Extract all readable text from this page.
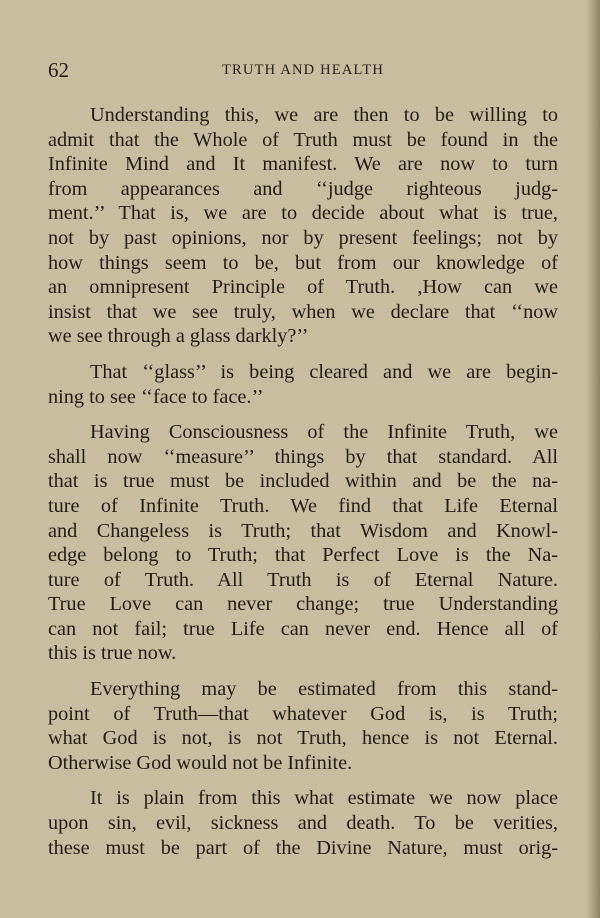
62	TRUTH AND HEALTH
Understanding this, we are then to be willing to
admit that the Whole of Truth must be found in the
Infinite Mind and It manifest. We are now to turn
from appearances and ‘‘judge righteous judg-
ment.’’ That is, we are to decide about what is true,
not by past opinions, nor by present feelings; not by
how things seem to be, but from our knowledge of
an omnipresent Principle of Truth. ,How can we
insist that we see truly, when we declare that ‘‘now
we see through a glass darkly?’’
That ‘‘glass’’ is being cleared and we are begin-
ning to see ‘‘face to face.’’
Having Consciousness of the Infinite Truth, we
shall now ‘‘measure’’ things by that standard. All
that is true must be included within and be the na-
ture of Infinite Truth. We find that Life Eternal
and Changeless is Truth; that Wisdom and Knowl-
edge belong to Truth; that Perfect Love is the Na-
ture of Truth. All Truth is of Eternal Nature.
True Love can never change; true Understanding
can not fail; true Life can never end. Hence all of
this is true now.
Everything may be estimated from this stand-
point of Truth—that whatever God is, is Truth;
what God is not, is not Truth, hence is not Eternal.
Otherwise God would not be Infinite.
It is plain from this what estimate we now place
upon sin, evil, sickness and death. To be verities,
these must be part of the Divine Nature, must orig-
